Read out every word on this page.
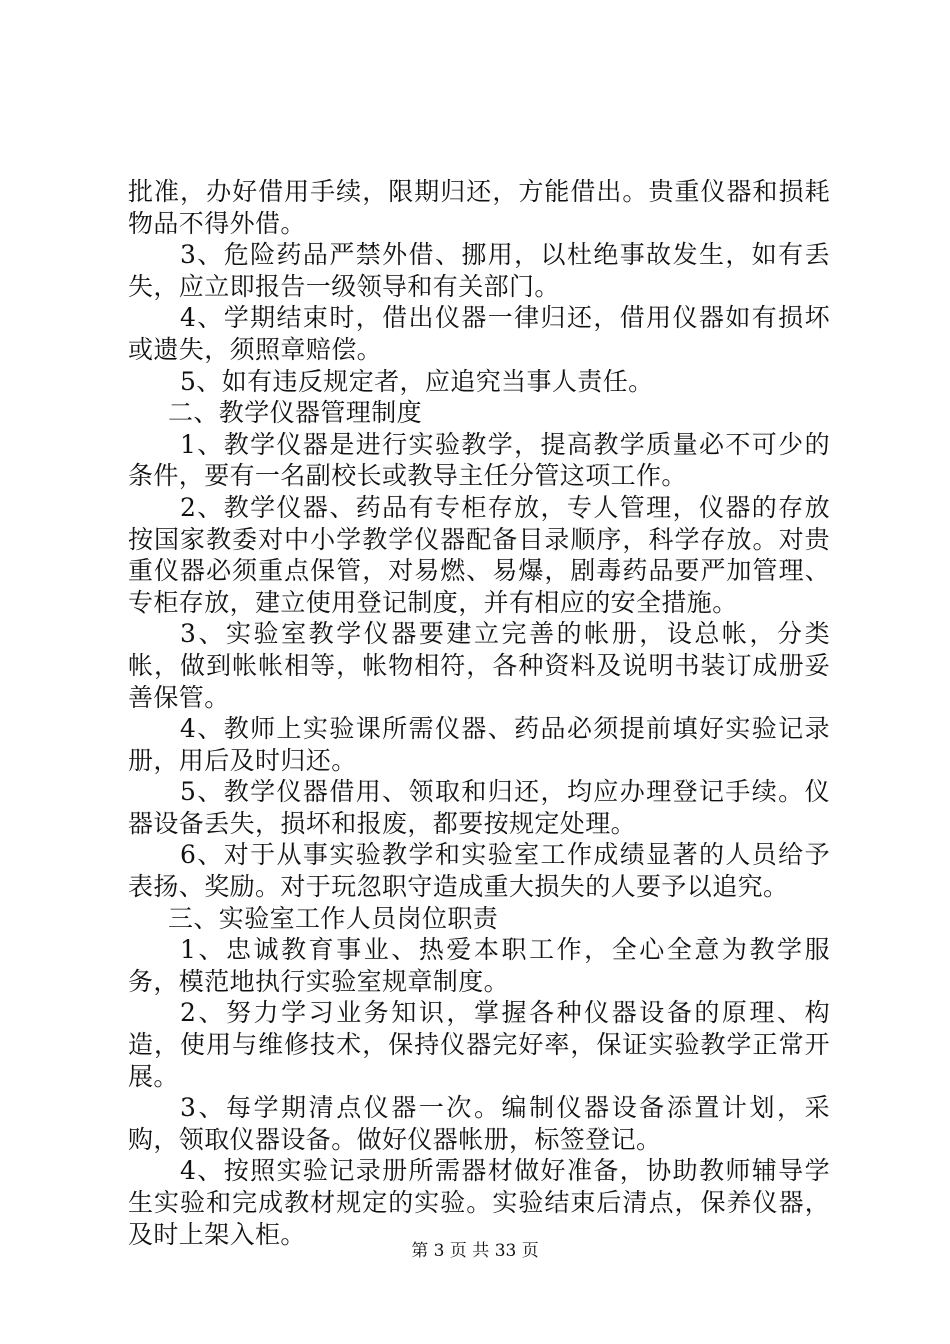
批准，办好借用手续，限期归还，方能借出。贵重仪器和损耗物品不得外借。

3、危险药品严禁外借、挪用，以杜绝事故发生，如有丢失，应立即报告一级领导和有关部门。

4、学期结束时，借出仪器一律归还，借用仪器如有损坏或遗失，须照章赔偿。

5、如有违反规定者，应追究当事人责任。

二、教学仪器管理制度

1、教学仪器是进行实验教学，提高教学质量必不可少的条件，要有一名副校长或教导主任分管这项工作。

2、教学仪器、药品有专柜存放，专人管理，仪器的存放按国家教委对中小学教学仪器配备目录顺序，科学存放。对贵重仪器必须重点保管，对易燃、易爆，剧毒药品要严加管理、专柜存放，建立使用登记制度，并有相应的安全措施。

3、实验室教学仪器要建立完善的帐册，设总帐，分类帐，做到帐帐相等，帐物相符，各种资料及说明书装订成册妥善保管。

4、教师上实验课所需仪器、药品必须提前填好实验记录册，用后及时归还。

5、教学仪器借用、领取和归还，均应办理登记手续。仪器设备丢失，损坏和报废，都要按规定处理。

6、对于从事实验教学和实验室工作成绩显著的人员给予表扬、奖励。对于玩忽职守造成重大损失的人要予以追究。

三、实验室工作人员岗位职责

1、忠诚教育事业、热爱本职工作，全心全意为教学服务，模范地执行实验室规章制度。

2、努力学习业务知识，掌握各种仪器设备的原理、构造，使用与维修技术，保持仪器完好率，保证实验教学正常开展。

3、每学期清点仪器一次。编制仪器设备添置计划，采购，领取仪器设备。做好仪器帐册，标签登记。

4、按照实验记录册所需器材做好准备，协助教师辅导学生实验和完成教材规定的实验。实验结束后清点，保养仪器，及时上架入柜。

第 3 页 共 33 页
